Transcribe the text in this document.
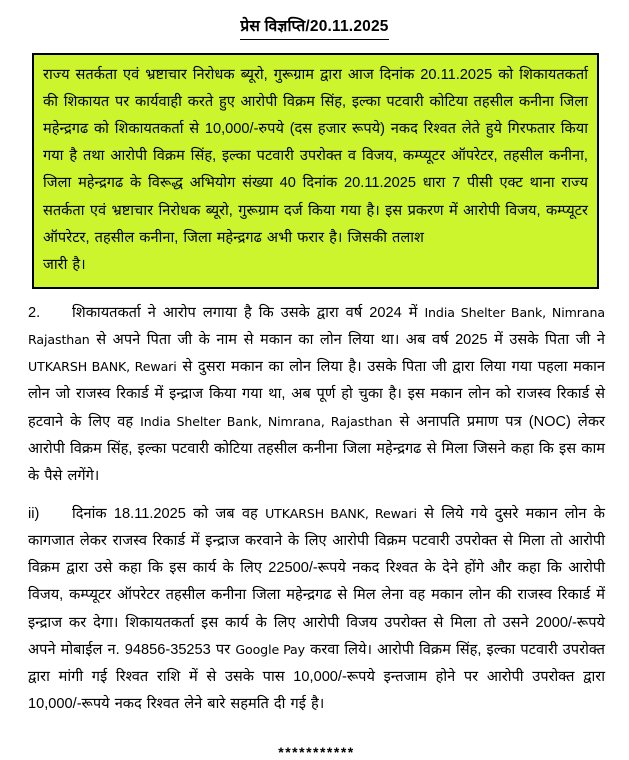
प्रेस विज्ञप्ति/20.11.2025

राज्य सतर्कता एवं भ्रष्टाचार निरोधक ब्यूरो, गुरूग्राम द्वारा आज दिनांक 20.11.2025 को शिकायतकर्ता की शिकायत पर कार्यवाही करते हुए आरोपी विक्रम सिंह, इल्का पटवारी कोटिया तहसील कनीना जिला महेन्द्रगढ को शिकायतकर्ता से 10,000/-रुपये (दस हजार रूपये) नकद रिश्वत लेते हुये गिरफतार किया गया है तथा आरोपी विक्रम सिंह, इल्का पटवारी उपरोक्त व विजय, कम्प्यूटर ऑपरेटर, तहसील कनीना, जिला महेन्द्रगढ के विरूद्ध अभियोग संख्या 40 दिनांक 20.11.2025 धारा 7 पीसी एक्ट थाना राज्य सतर्कता एवं भ्रष्टाचार निरोधक ब्यूरो, गुरूग्राम दर्ज किया गया है। इस प्रकरण में आरोपी विजय, कम्प्यूटर ऑपरेटर, तहसील कनीना, जिला महेन्द्रगढ अभी फरार है। जिसकी तलाश

जारी है।

2. शिकायतकर्ता ने आरोप लगाया है कि उसके द्वारा वर्ष 2024 में India Shelter Bank, Nimrana Rajasthan से अपने पिता जी के नाम से मकान का लोन लिया था। अब वर्ष 2025 में उसके पिता जी ने UTKARSH BANK, Rewari से दुसरा मकान का लोन लिया है। उसके पिता जी द्वारा लिया गया पहला मकान लोन जो राजस्व रिकार्ड में इन्द्राज किया गया था, अब पूर्ण हो चुका है। इस मकान लोन को राजस्व रिकार्ड से हटवाने के लिए वह India Shelter Bank, Nimrana, Rajasthan से अनापति प्रमाण पत्र (NOC) लेकर आरोपी विक्रम सिंह, इल्का पटवारी कोटिया तहसील कनीना जिला महेन्द्रगढ से मिला जिसने कहा कि इस काम के पैसे लगेंगे।

ii) दिनांक 18.11.2025 को जब वह UTKARSH BANK, Rewari से लिये गये दुसरे मकान लोन के कागजात लेकर राजस्व रिकार्ड में इन्द्राज करवाने के लिए आरोपी विक्रम पटवारी उपरोक्त से मिला तो आरोपी विक्रम द्वारा उसे कहा कि इस कार्य के लिए 22500/-रूपये नकद रिश्वत के देने होंगे और कहा कि आरोपी विजय, कम्प्यूटर ऑपरेटर तहसील कनीना जिला महेन्द्रगढ से मिल लेना वह मकान लोन की राजस्व रिकार्ड में इन्द्राज कर देगा। शिकायतकर्ता इस कार्य के लिए आरोपी विजय उपरोक्त से मिला तो उसने 2000/-रूपये अपने मोबाईल न. 94856-35253 पर Google Pay करवा लिये। आरोपी विक्रम सिंह, इल्का पटवारी उपरोक्त द्वारा मांगी गई रिश्वत राशि में से उसके पास 10,000/-रूपये इन्तजाम होने पर आरोपी उपरोक्त द्वारा 10,000/-रूपये नकद रिश्वत लेने बारे सहमति दी गई है।

***********
